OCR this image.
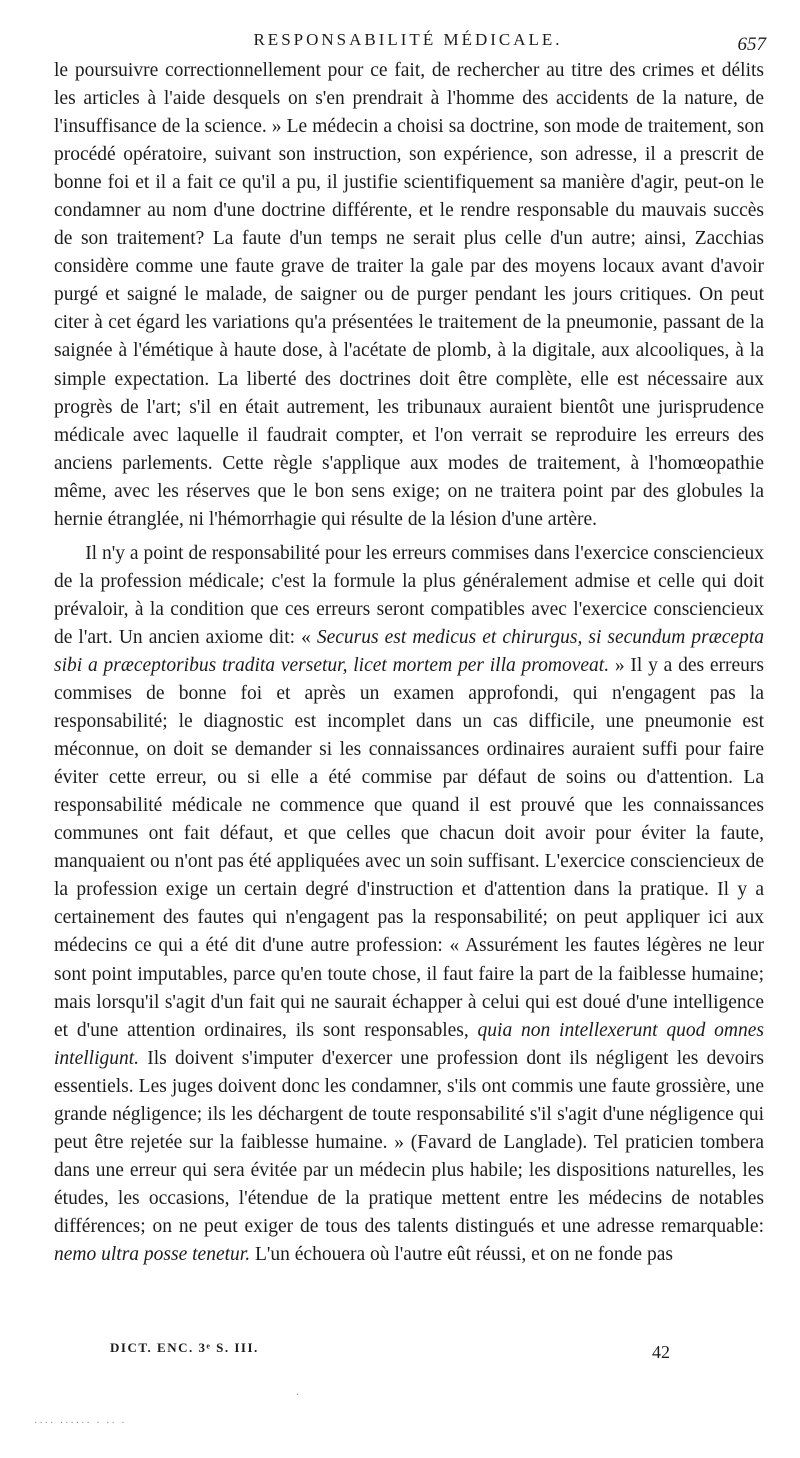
RESPONSABILITÉ MÉDICALE.	657

le poursuivre correctionnellement pour ce fait, de rechercher au titre des crimes et délits les articles à l'aide desquels on s'en prendrait à l'homme des accidents de la nature, de l'insuffisance de la science. » Le médecin a choisi sa doctrine, son mode de traitement, son procédé opératoire, suivant son instruction, son expérience, son adresse, il a prescrit de bonne foi et il a fait ce qu'il a pu, il justifie scientifiquement sa manière d'agir, peut-on le condamner au nom d'une doctrine différente, et le rendre responsable du mauvais succès de son traitement? La faute d'un temps ne serait plus celle d'un autre; ainsi, Zacchias considère comme une faute grave de traiter la gale par des moyens locaux avant d'avoir purgé et saigné le malade, de saigner ou de purger pendant les jours critiques. On peut citer à cet égard les variations qu'a présentées le traitement de la pneumonie, passant de la saignée à l'émétique à haute dose, à l'acétate de plomb, à la digitale, aux alcooliques, à la simple expectation. La liberté des doctrines doit être complète, elle est nécessaire aux progrès de l'art; s'il en était autrement, les tribunaux auraient bientôt une jurisprudence médicale avec laquelle il faudrait compter, et l'on verrait se reproduire les erreurs des anciens parlements. Cette règle s'applique aux modes de traitement, à l'homœopathie même, avec les réserves que le bon sens exige; on ne traitera point par des globules la hernie étranglée, ni l'hémorrhagie qui résulte de la lésion d'une artère.

Il n'y a point de responsabilité pour les erreurs commises dans l'exercice consciencieux de la profession médicale; c'est la formule la plus généralement admise et celle qui doit prévaloir, à la condition que ces erreurs seront compatibles avec l'exercice consciencieux de l'art. Un ancien axiome dit: « Securus est medicus et chirurgus, si secundum præcepta sibi a præceptoribus tradita versetur, licet mortem per illa promoveat. » Il y a des erreurs commises de bonne foi et après un examen approfondi, qui n'engagent pas la responsabilité; le diagnostic est incomplet dans un cas difficile, une pneumonie est méconnue, on doit se demander si les connaissances ordinaires auraient suffi pour faire éviter cette erreur, ou si elle a été commise par défaut de soins ou d'attention. La responsabilité médicale ne commence que quand il est prouvé que les connaissances communes ont fait défaut, et que celles que chacun doit avoir pour éviter la faute, manquaient ou n'ont pas été appliquées avec un soin suffisant. L'exercice consciencieux de la profession exige un certain degré d'instruction et d'attention dans la pratique. Il y a certainement des fautes qui n'engagent pas la responsabilité; on peut appliquer ici aux médecins ce qui a été dit d'une autre profession: « Assurément les fautes légères ne leur sont point imputables, parce qu'en toute chose, il faut faire la part de la faiblesse humaine; mais lorsqu'il s'agit d'un fait qui ne saurait échapper à celui qui est doué d'une intelligence et d'une attention ordinaires, ils sont responsables, quia non intellexerunt quod omnes intelligunt. Ils doivent s'imputer d'exercer une profession dont ils négligent les devoirs essentiels. Les juges doivent donc les condamner, s'ils ont commis une faute grossière, une grande négligence; ils les déchargent de toute responsabilité s'il s'agit d'une négligence qui peut être rejetée sur la faiblesse humaine. » (Favard de Langlade). Tel praticien tombera dans une erreur qui sera évitée par un médecin plus habile; les dispositions naturelles, les études, les occasions, l'étendue de la pratique mettent entre les médecins de notables différences; on ne peut exiger de tous des talents distingués et une adresse remarquable: nemo ultra posse tenetur. L'un échouera où l'autre eût réussi, et on ne fonde pas

DICT. ENC. 3ᵉ S. III.	42
·
···· ······ · ·· ·
